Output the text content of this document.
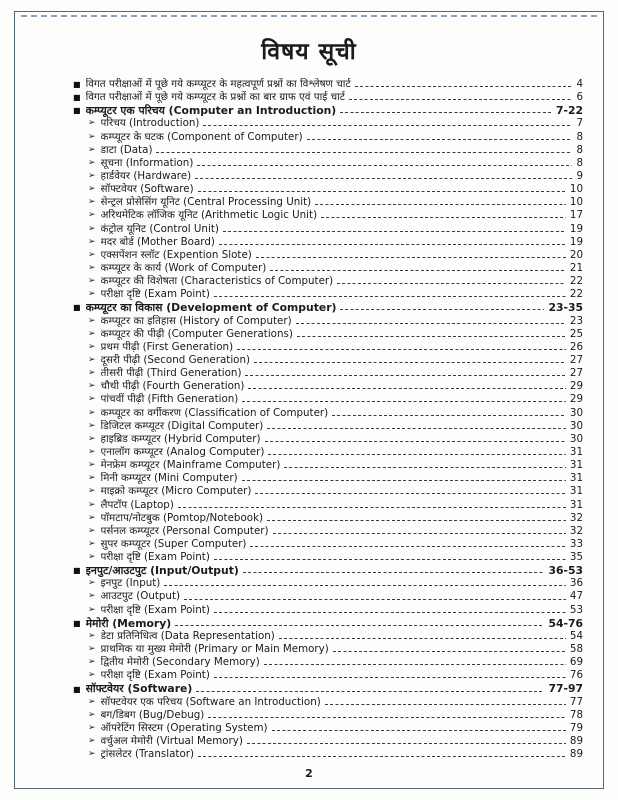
विषय सूची
■ विगत परीक्षाओं में पूछे गये कम्प्यूटर के महत्वपूर्ण प्रश्नों का विश्लेषण चार्ट	4
■ विगत परीक्षाओं में पूछे गये कम्प्यूटर के प्रश्नों का बार ग्राफ एवं पाई चार्ट	6
■ कम्प्यूटर एक परिचय (Computer an Introduction)	7-22
➢ परिचय (Introduction)	7
➢ कम्प्यूटर के घटक (Component of Computer)	8
➢ डाटा (Data)	8
➢ सूचना (Information)	8
➢ हार्डवेयर (Hardware)	9
➢ सॉफ्टवेयर (Software)	10
➢ सेन्ट्रल प्रोसेसिंग यूनिट (Central Processing Unit)	10
➢ अरिथमेटिक लॉजिक यूनिट (Arithmetic Logic Unit)	17
➢ कंट्रोल यूनिट (Control Unit)	19
➢ मदर बोर्ड (Mother Board)	19
➢ एक्सपेंशन स्लॉट (Expention Slote)	20
➢ कम्प्यूटर के कार्य (Work of Computer)	21
➢ कम्प्यूटर की विशेषता (Characteristics of Computer)	22
➢ परीक्षा दृष्टि (Exam Point)	22
■ कम्प्यूटर का विकास (Development of Computer)	23-35
➢ कम्प्यूटर का इतिहास (History of Computer)	23
➢ कम्प्यूटर की पीढ़ी (Computer Generations)	25
➢ प्रथम पीढ़ी (First Generation)	26
➢ दूसरी पीढ़ी (Second Generation)	27
➢ तीसरी पीढ़ी (Third Generation)	27
➢ चौथी पीढ़ी (Fourth Generation)	29
➢ पांचवीं पीढ़ी (Fifth Generation)	29
➢ कम्प्यूटर का वर्गीकरण (Classification of Computer)	30
➢ डिजिटल कम्प्यूटर (Digital Computer)	30
➢ हाइब्रिड कम्प्यूटर (Hybrid Computer)	30
➢ एनालॉग कम्प्यूटर (Analog Computer)	31
➢ मेनफ्रेम कम्प्यूटर (Mainframe Computer)	31
➢ मिनी कम्प्यूटर (Mini Computer)	31
➢ माइक्रो कम्प्यूटर (Micro Computer)	31
➢ लैपटॉप (Laptop)	31
➢ पॉमटाप/नोटबुक (Pomtop/Notebook)	32
➢ पर्सनल कम्प्यूटर (Personal Computer)	32
➢ सुपर कम्प्यूटर (Super Computer)	33
➢ परीक्षा दृष्टि (Exam Point)	35
■ इनपुट/आउटपुट (Input/Output)	36-53
➢ इनपुट (Input)	36
➢ आउटपुट (Output)	47
➢ परीक्षा दृष्टि (Exam Point)	53
■ मेमोरी (Memory)	54-76
➢ डेटा प्रतिनिधित्व (Data Representation)	54
➢ प्राथमिक या मुख्य मेमोरी (Primary or Main Memory)	58
➢ द्वितीय मेमोरी (Secondary Memory)	69
➢ परीक्षा दृष्टि (Exam Point)	76
■ सॉफ्टवेयर (Software)	77-97
➢ सॉफ्टवेयर एक परिचय (Software an Introduction)	77
➢ बग/डिबग (Bug/Debug)	78
➢ ऑपरेटिंग सिस्टम (Operating System)	79
➢ वर्चुअल मेमोरी (Virtual Memory)	89
➢ ट्रांसलेटर (Translator)	89
2
